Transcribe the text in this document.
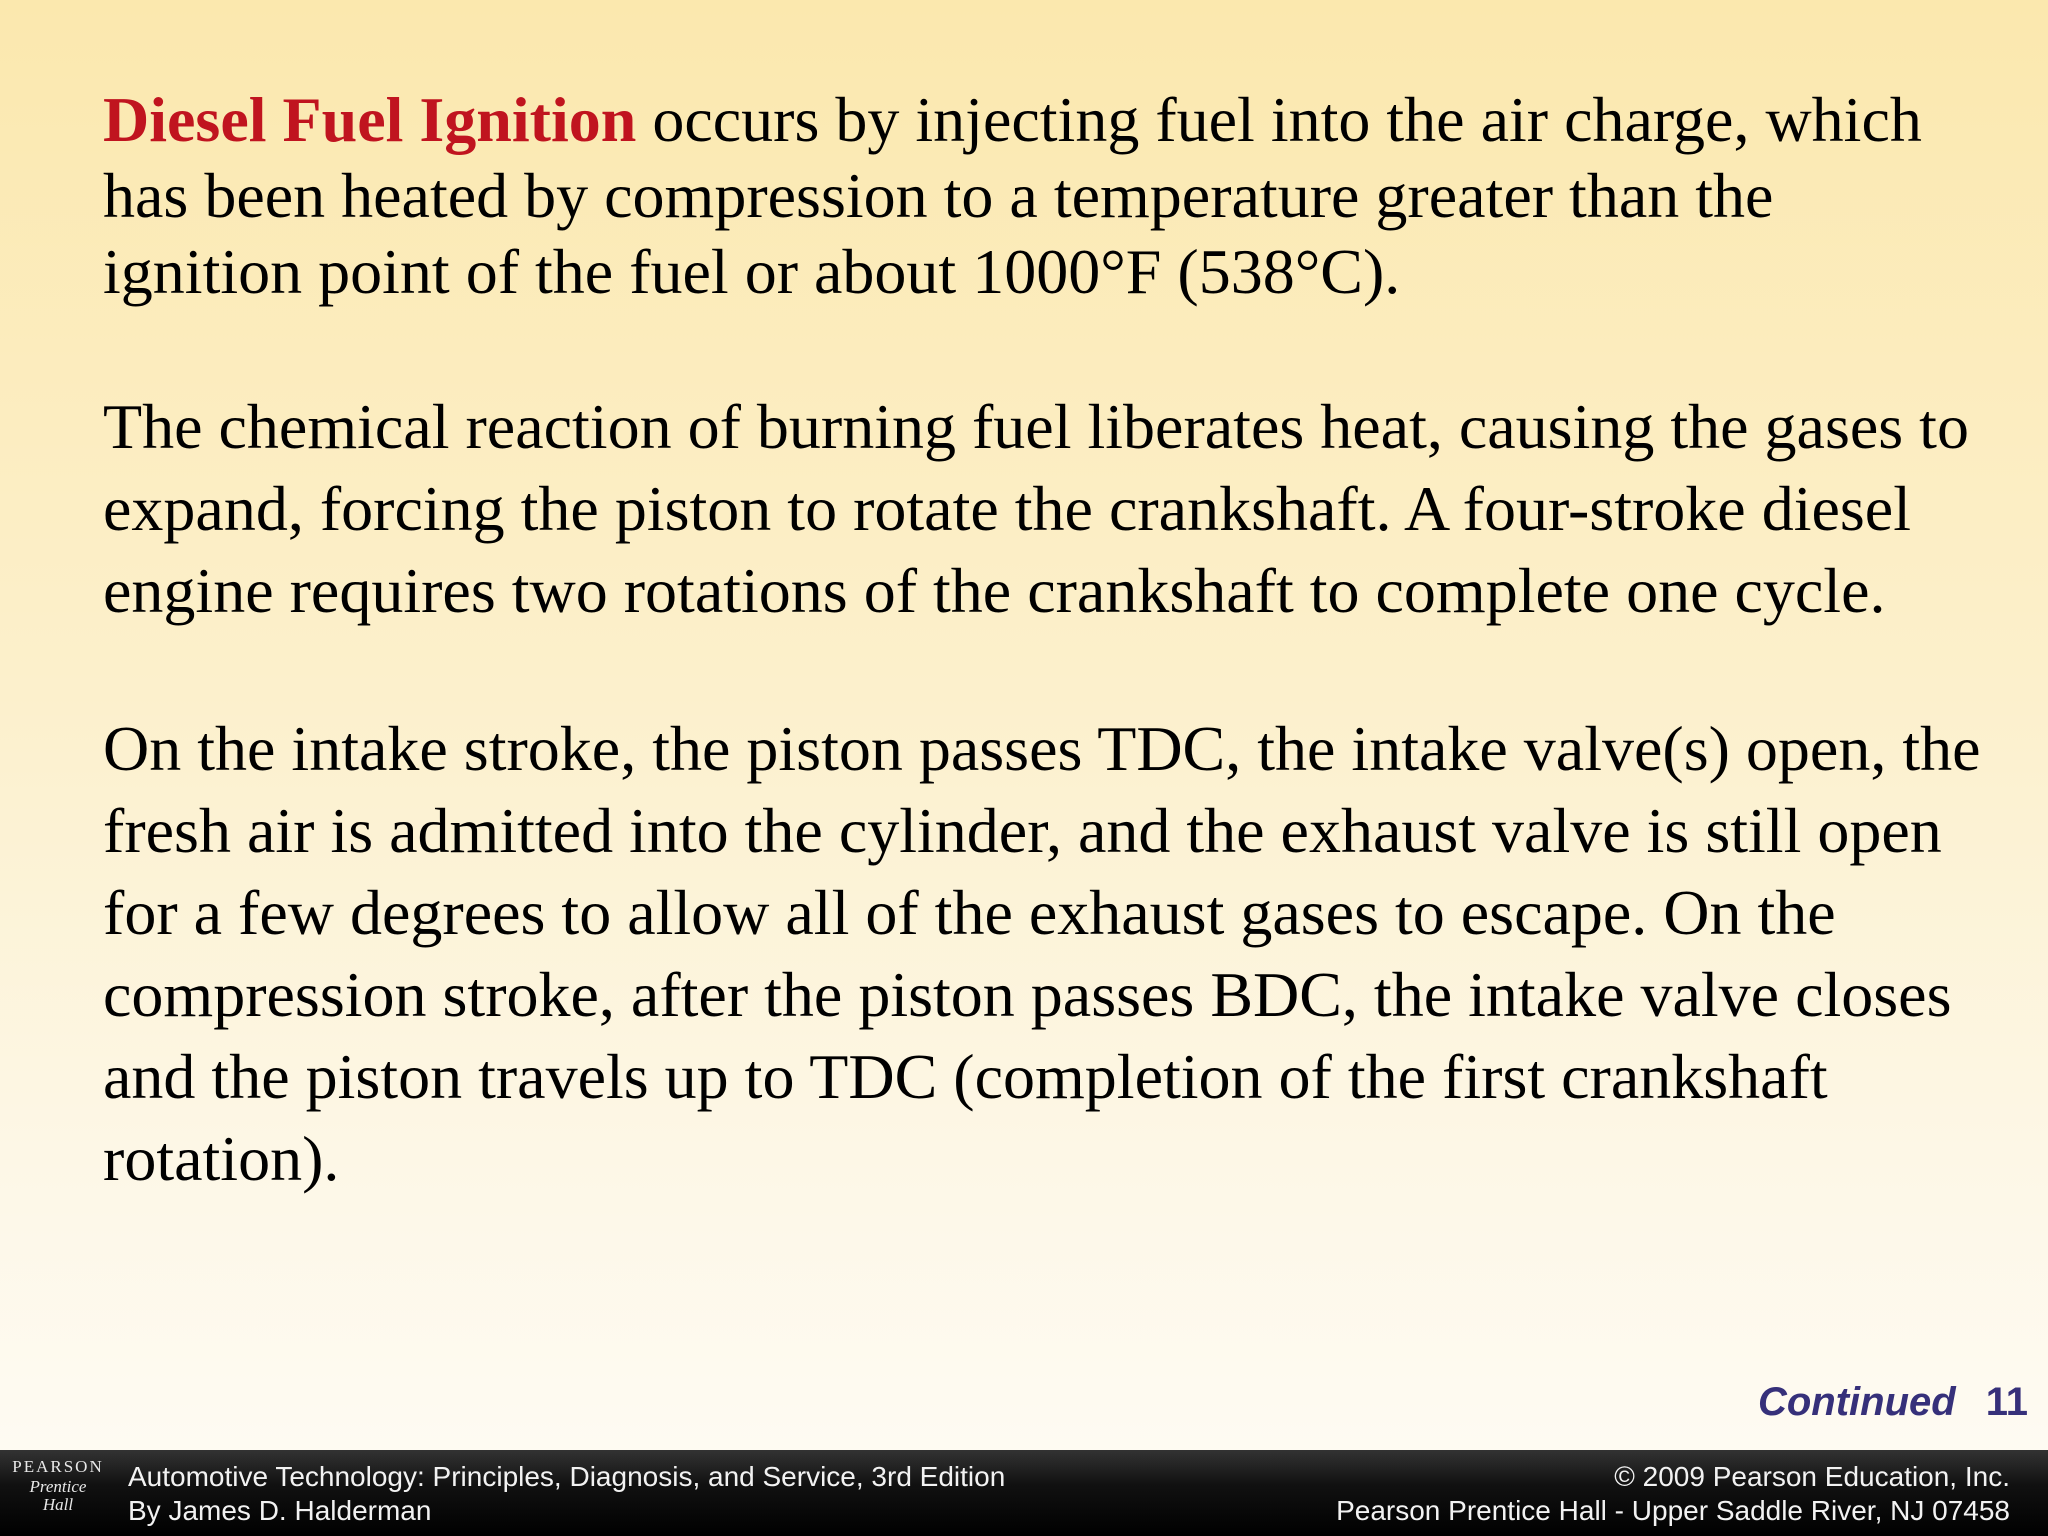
Diesel Fuel Ignition occurs by injecting fuel into the air charge, which has been heated by compression to a temperature greater than the ignition point of the fuel or about 1000°F (538°C).

The chemical reaction of burning fuel liberates heat, causing the gases to expand, forcing the piston to rotate the crankshaft. A four-stroke diesel engine requires two rotations of the crankshaft to complete one cycle.

On the intake stroke, the piston passes TDC, the intake valve(s) open, the fresh air is admitted into the cylinder, and the exhaust valve is still open for a few degrees to allow all of the exhaust gases to escape. On the compression stroke, after the piston passes BDC, the intake valve closes and the piston travels up to TDC (completion of the first crankshaft rotation).

Continued 11
PEARSON
Prentice
Hall
Automotive Technology: Principles, Diagnosis, and Service, 3rd Edition
By James D. Halderman
© 2009 Pearson Education, Inc.
Pearson Prentice Hall - Upper Saddle River, NJ 07458
